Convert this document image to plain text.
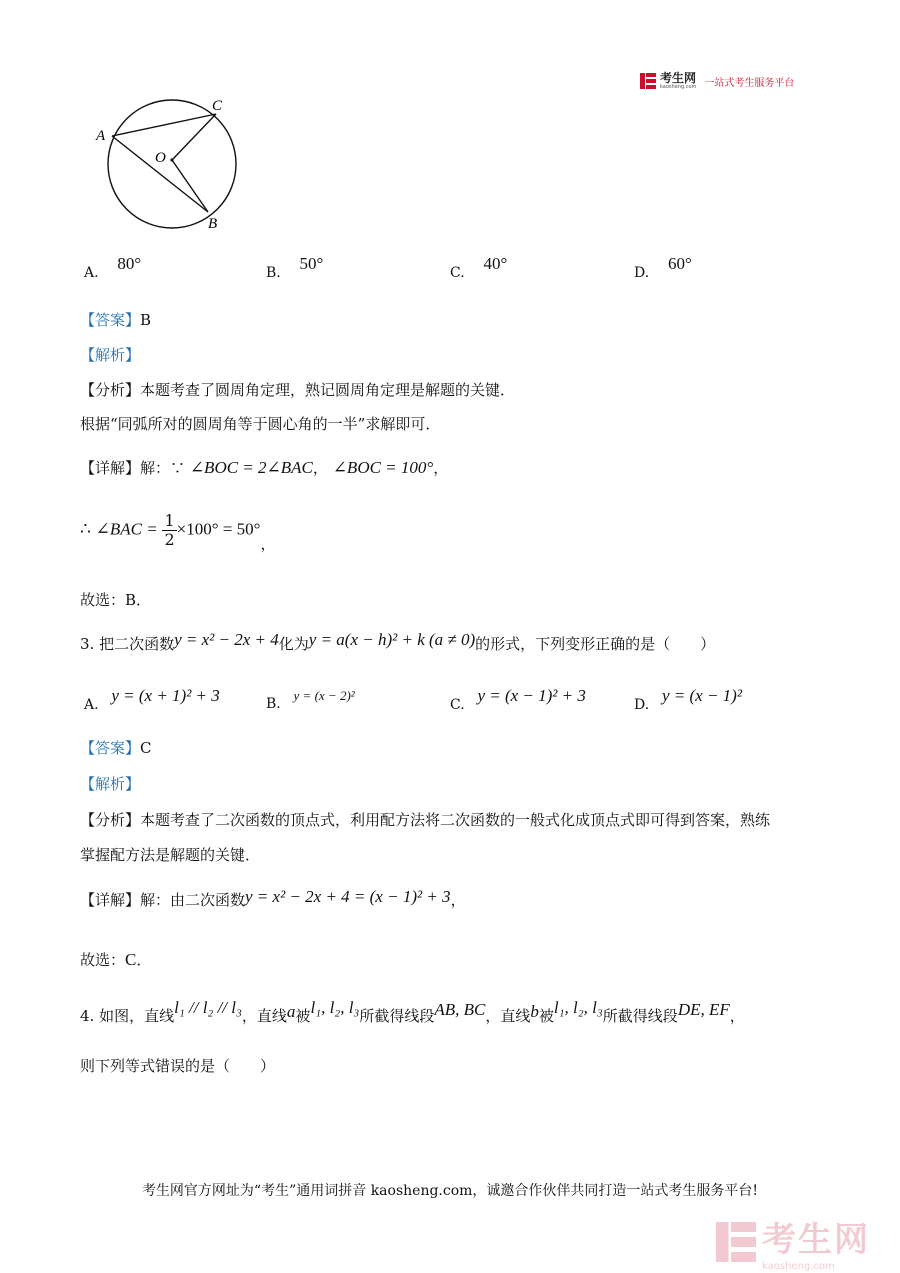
考生网
kaosheng.com 一站式考生服务平台
A
C
O
B
A. 80°	B. 50°	C. 40°	D. 60°
【答案】B
【解析】
【分析】本题考查了圆周角定理，熟记圆周角定理是解题的关键．
根据“同弧所对的圆周角等于圆心角的一半”求解即可．
【详解】解：∵ ∠BOC = 2∠BAC， ∠BOC = 100°，
∴ ∠BAC = $\frac{1}{2} \times 100^\circ = 50^\circ$，
故选：B．
3. 把二次函数y = x² − 2x + 4化为y = a(x − h)² + k (a ≠ 0)的形式，下列变形正确的是（　　）
A. y = (x + 1)² + 3	B. y = (x − 2)²
C. y = (x − 1)² + 3	D. y = (x − 1)²
【答案】C
【解析】
【分析】本题考查了二次函数的顶点式，利用配方法将二次函数的一般式化成顶点式即可得到答案，熟练
掌握配方法是解题的关键．
【详解】解：由二次函数y = x² − 2x + 4 = (x − 1)² + 3，
故选：C．
4. 如图，直线l₁ // l₂ // l₃，直线a被l₁, l₂, l₃所截得线段AB, BC，直线b被l₁, l₂, l₃所截得线段DE, EF，
则下列等式错误的是（　　）
考生网官方网址为“考生”通用词拼音 kaosheng.com，诚邀合作伙伴共同打造一站式考生服务平台!
考生网
kaosheng.com
